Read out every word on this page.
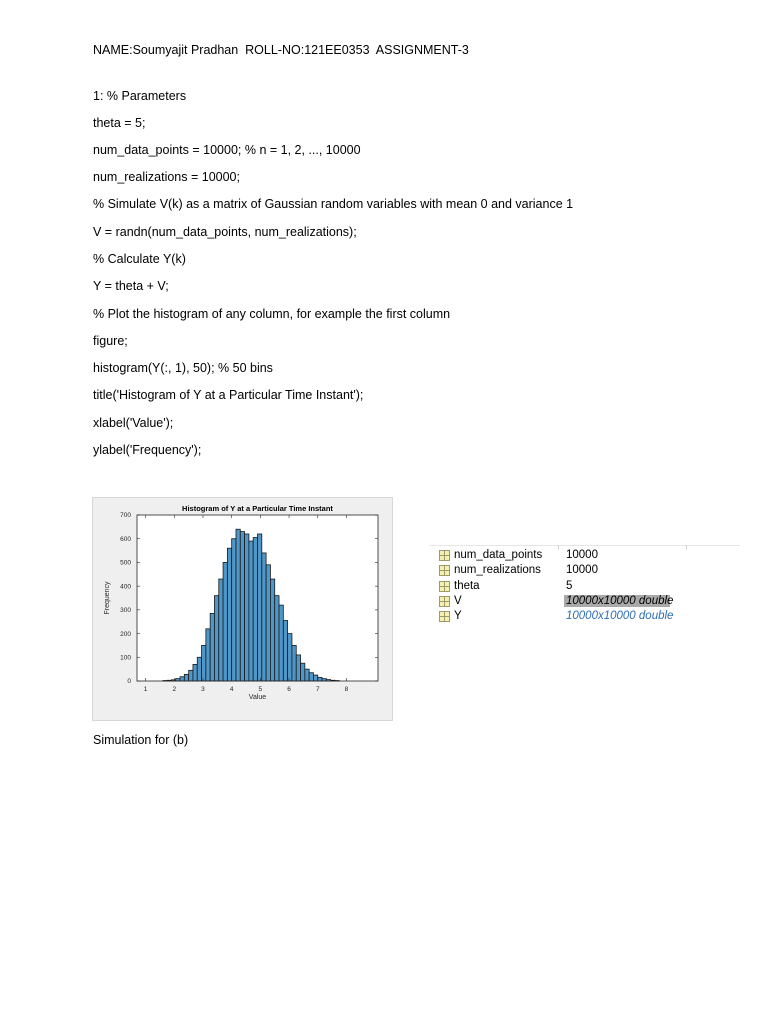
NAME:Soumyajit Pradhan  ROLL-NO:121EE0353  ASSIGNMENT-3
1: % Parameters
theta = 5;
num_data_points = 10000; % n = 1, 2, ..., 10000
num_realizations = 10000;
% Simulate V(k) as a matrix of Gaussian random variables with mean 0 and variance 1
V = randn(num_data_points, num_realizations);
% Calculate Y(k)
Y = theta + V;
% Plot the histogram of any column, for example the first column
figure;
histogram(Y(:, 1), 50); % 50 bins
title('Histogram of Y at a Particular Time Instant');
xlabel('Value');
ylabel('Frequency');
1	2	3	4	5	6	7	8
0
100
200
300
400
500
600
700
Histogram of Y at a Particular Time Instant
Value
Frequency
num_data_points 10000
num_realizations 10000
theta	5
V	10000x10000 double
Y	10000x10000 double
Simulation for (b)
